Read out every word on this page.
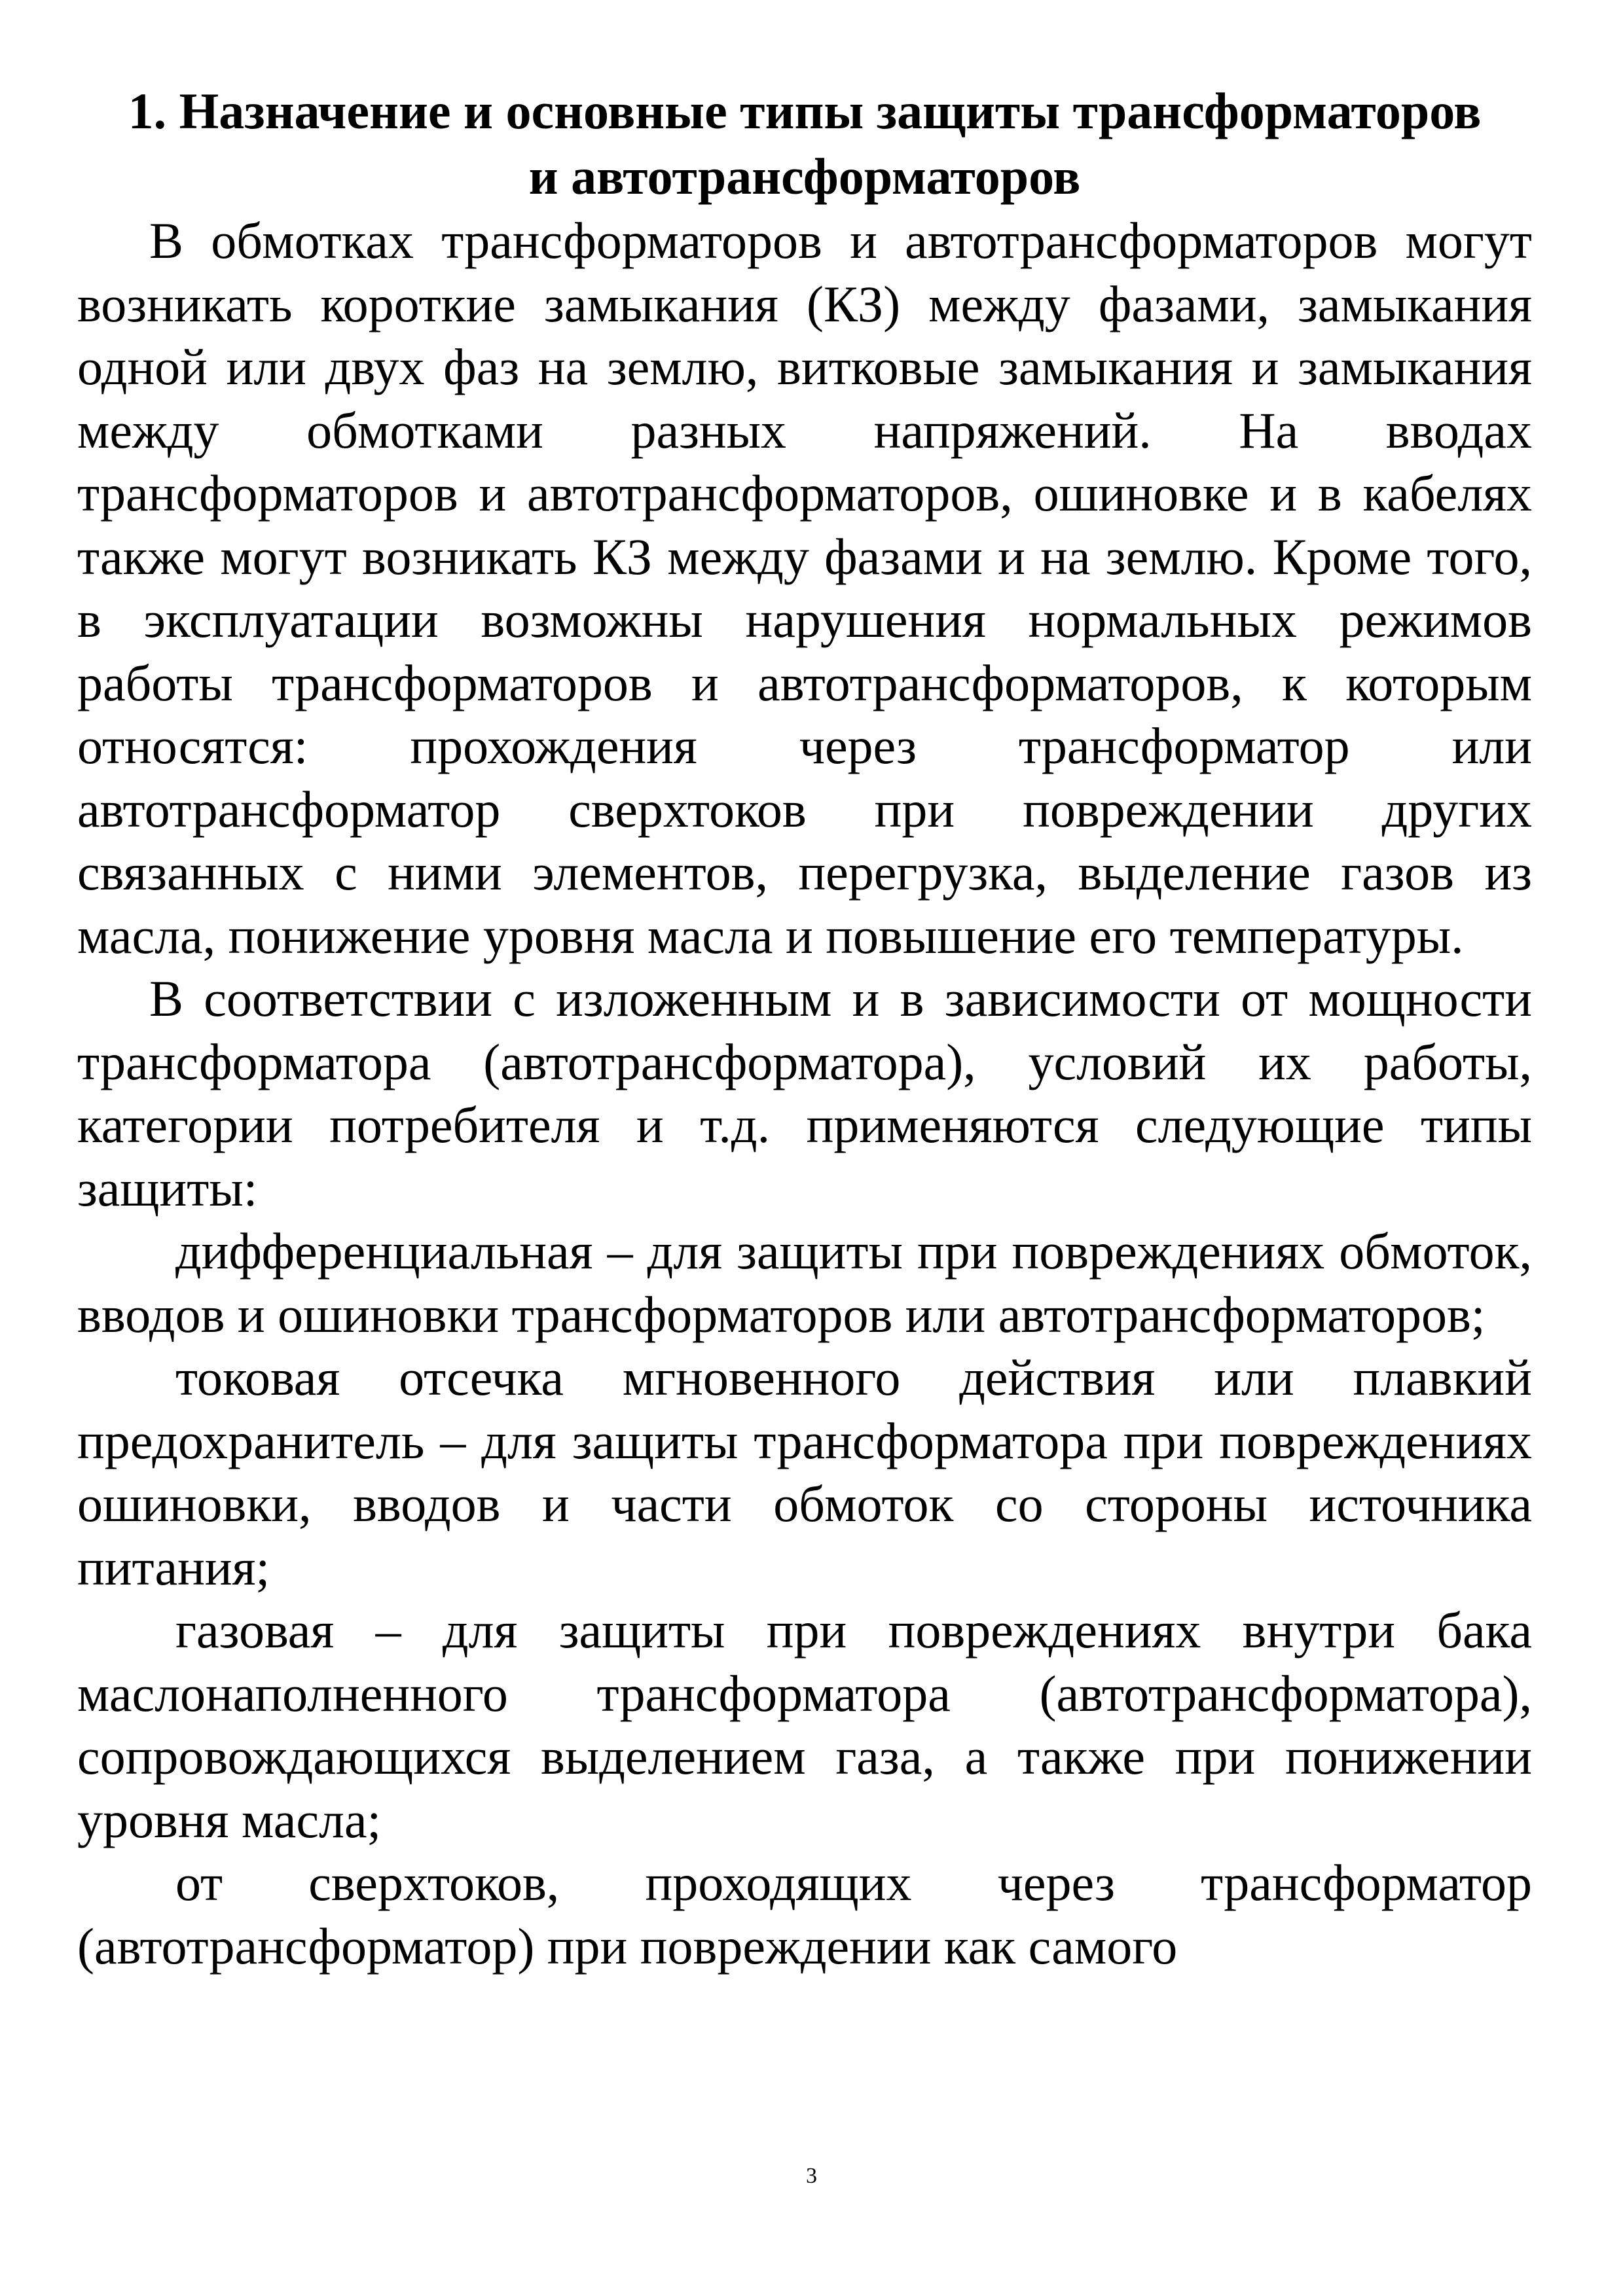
1. Назначение и основные типы защиты трансформаторов
и автотрансформаторов

В обмотках трансформаторов и автотрансформаторов могут возникать короткие замыкания (КЗ) между фазами, замыкания одной или двух фаз на землю, витковые замыкания и замыкания между обмотками разных напряжений. На вводах трансформаторов и автотрансформаторов, ошиновке и в кабелях также могут возникать КЗ между фазами и на землю. Кроме того, в эксплуатации возможны нарушения нормальных режимов работы трансформаторов и автотрансформаторов, к которым относятся: прохождения через трансформатор или автотрансформатор сверхтоков при повреждении других связанных с ними элементов, перегрузка, выделение газов из масла, понижение уровня масла и повышение его температуры.

В соответствии с изложенным и в зависимости от мощности трансформатора (автотрансформатора), условий их работы, категории потребителя и т.д. применяются следующие типы защиты:

дифференциальная – для защиты при повреждениях обмоток, вводов и ошиновки трансформаторов или автотрансформаторов;

токовая отсечка мгновенного действия или плавкий предохранитель – для защиты трансформатора при повреждениях ошиновки, вводов и части обмоток со стороны источника питания;

газовая – для защиты при повреждениях внутри бака маслонаполненного трансформатора (автотрансформатора), сопровождающихся выделением газа, а также при понижении уровня масла;

от сверхтоков, проходящих через трансформатор (автотрансформатор) при повреждении как самого

3
